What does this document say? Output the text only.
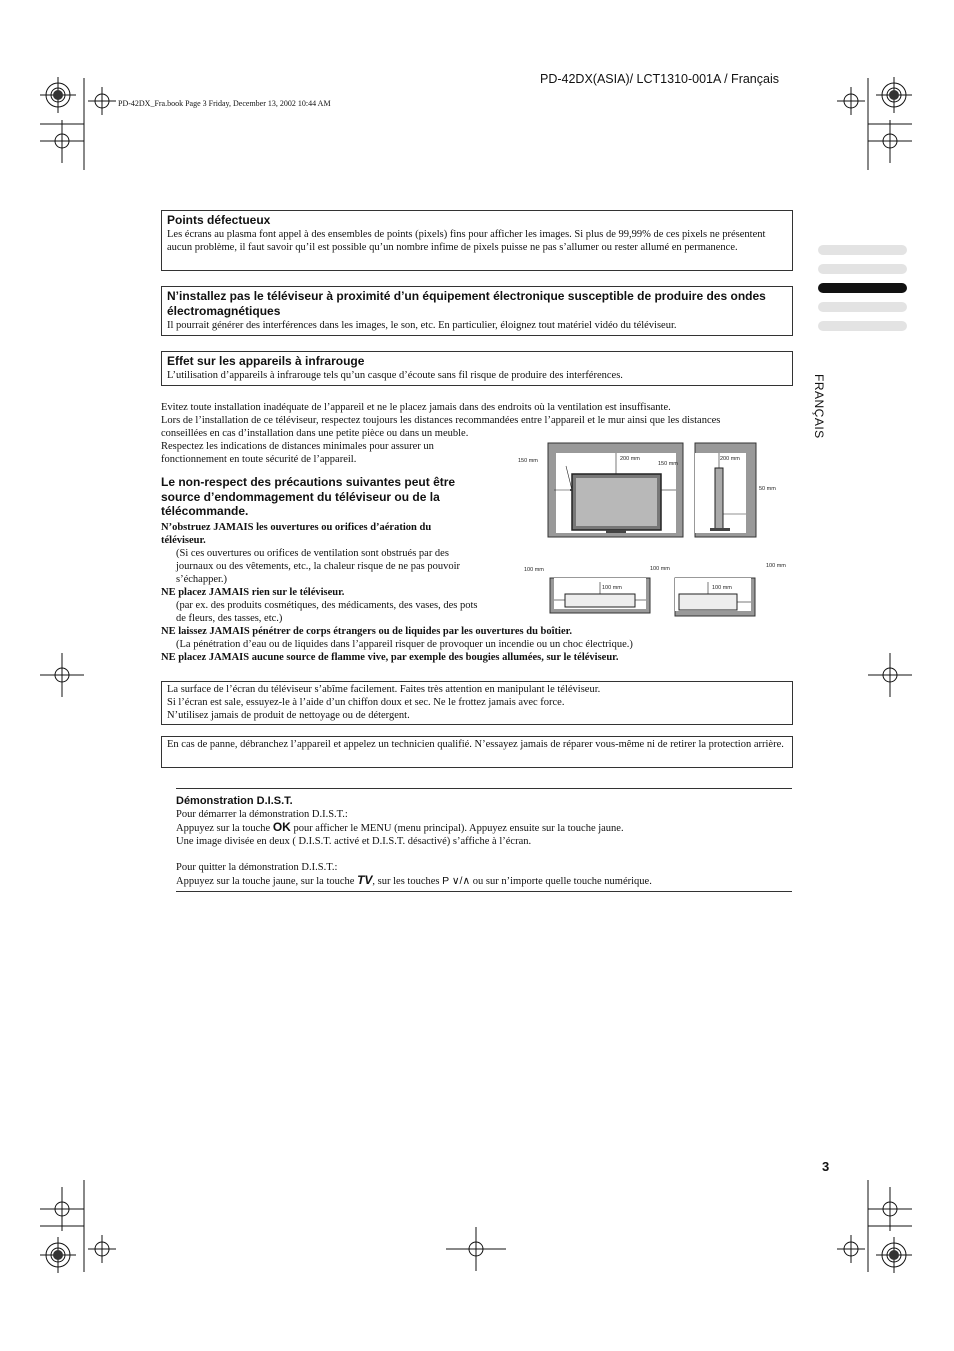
PD-42DX(ASIA)/ LCT1310-001A / Français
PD-42DX_Fra.book Page 3 Friday, December 13, 2002 10:44 AM
FRANÇAIS
Points défectueux

Les écrans au plasma font appel à des ensembles de points (pixels) fins pour afficher les images. Si plus de 99,99% de ces pixels ne présentent aucun problème, il faut savoir qu’il est possible qu’un nombre infime de pixels puisse ne pas s’allumer ou rester allumé en permanence.

N’installez pas le téléviseur à proximité d’un équipement électronique susceptible de produire des ondes électromagnétiques

Il pourrait générer des interférences dans les images, le son, etc. En particulier, éloignez tout matériel vidéo du téléviseur.

Effet sur les appareils à infrarouge

L’utilisation d’appareils à infrarouge tels qu’un casque d’écoute sans fil risque de produire des interférences.

Evitez toute installation inadéquate de l’appareil et ne le placez jamais dans des endroits où la ventilation est insuffisante.
Lors de l’installation de ce téléviseur, respectez toujours les distances recommandées entre l’appareil et le mur ainsi que les distances
conseillées en cas d’installation dans une petite pièce ou dans un meuble.
Respectez les indications de distances minimales pour assurer un
fonctionnement en toute sécurité de l’appareil.
Le non-respect des précautions suivantes peut être
source d’endommagement du téléviseur ou de la
télécommande.
N’obstruez JAMAIS les ouvertures ou orifices d’aération du
téléviseur.
(Si ces ouvertures ou orifices de ventilation sont obstrués par des
journaux ou des vêtements, etc., la chaleur risque de ne pas pouvoir
s’échapper.)
NE placez JAMAIS rien sur le téléviseur.
(par ex. des produits cosmétiques, des médicaments, des vases, des pots
de fleurs, des tasses, etc.)
NE laissez JAMAIS pénétrer de corps étrangers ou de liquides par les ouvertures du boîtier.
(La pénétration d’eau ou de liquides dans l’appareil risquer de provoquer un incendie ou un choc électrique.)
NE placez JAMAIS aucune source de flamme vive, par exemple des bougies allumées, sur le téléviseur.
150 mm	200 mm
150 mm
200 mm
50 mm
100 mm
100 mm
100 mm
100 mm
100 mm

La surface de l’écran du téléviseur s’abîme facilement. Faites très attention en manipulant le téléviseur.

Si l’écran est sale, essuyez-le à l’aide d’un chiffon doux et sec. Ne le frottez jamais avec force.

N’utilisez jamais de produit de nettoyage ou de détergent.

En cas de panne, débranchez l’appareil et appelez un technicien qualifié. N’essayez jamais de réparer vous-même ni de retirer la protection arrière.

Démonstration D.I.S.T.
Pour démarrer la démonstration D.I.S.T.:
Appuyez sur la touche OK pour afficher le MENU (menu principal). Appuyez ensuite sur la touche jaune.
Une image divisée en deux ( D.I.S.T. activé et D.I.S.T. désactivé) s’affiche à l’écran.
Pour quitter la démonstration D.I.S.T.:
Appuyez sur la touche jaune, sur la touche TV, sur les touches P ∨/∧ ou sur n’importe quelle touche numérique.
3
